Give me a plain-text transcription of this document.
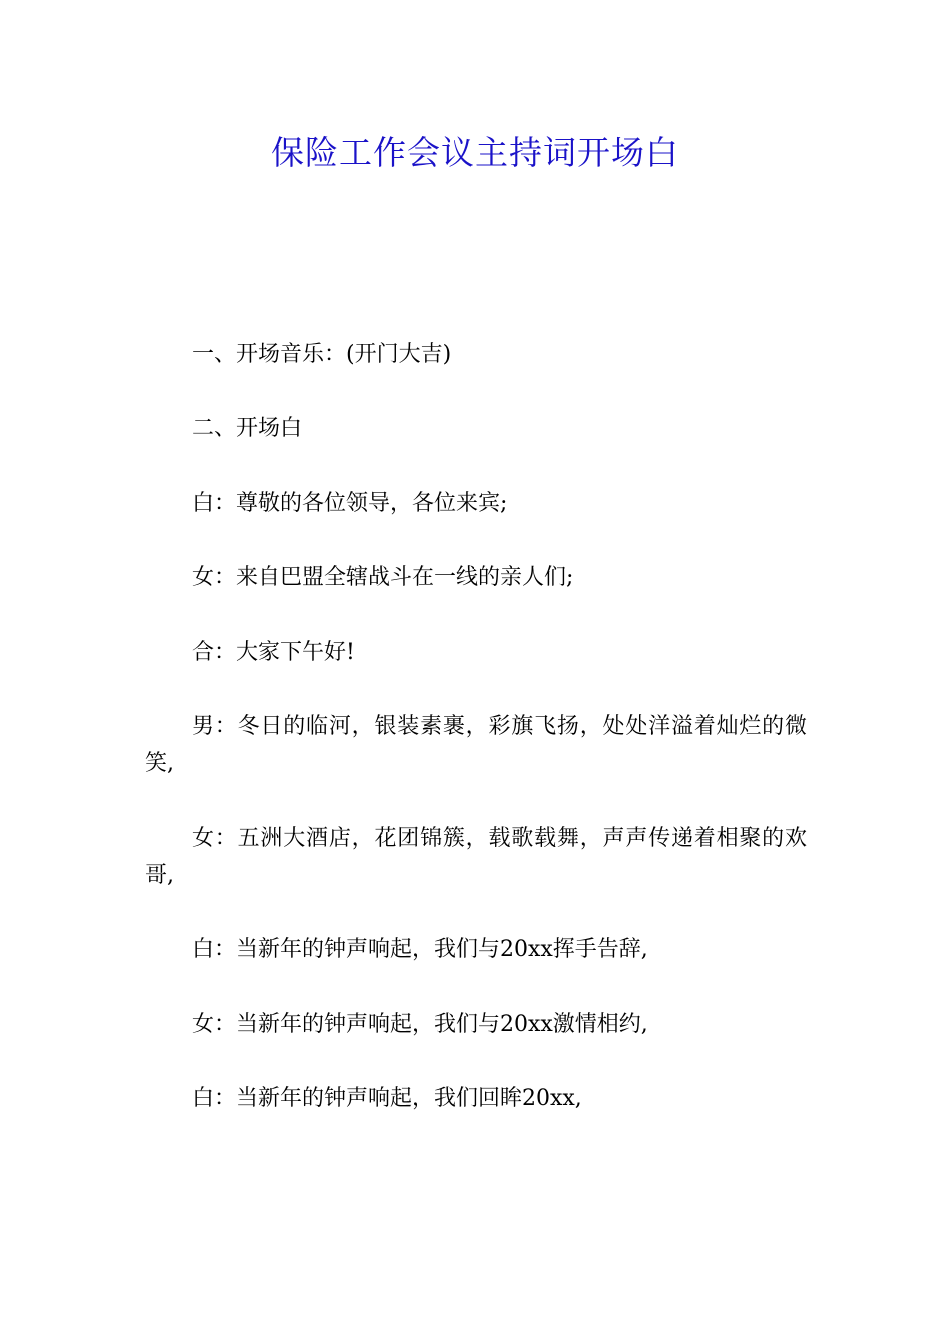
保险工作会议主持词开场白

一、开场音乐：(开门大吉)

二、开场白

白：尊敬的各位领导，各位来宾;

女：来自巴盟全辖战斗在一线的亲人们;

合：大家下午好!

男：冬日的临河，银装素裹，彩旗飞扬，处处洋溢着灿烂的微笑,

女：五洲大酒店，花团锦簇，载歌载舞，声声传递着相聚的欢哥,

白：当新年的钟声响起，我们与20xx挥手告辞,

女：当新年的钟声响起，我们与20xx激情相约,

白：当新年的钟声响起，我们回眸20xx,
